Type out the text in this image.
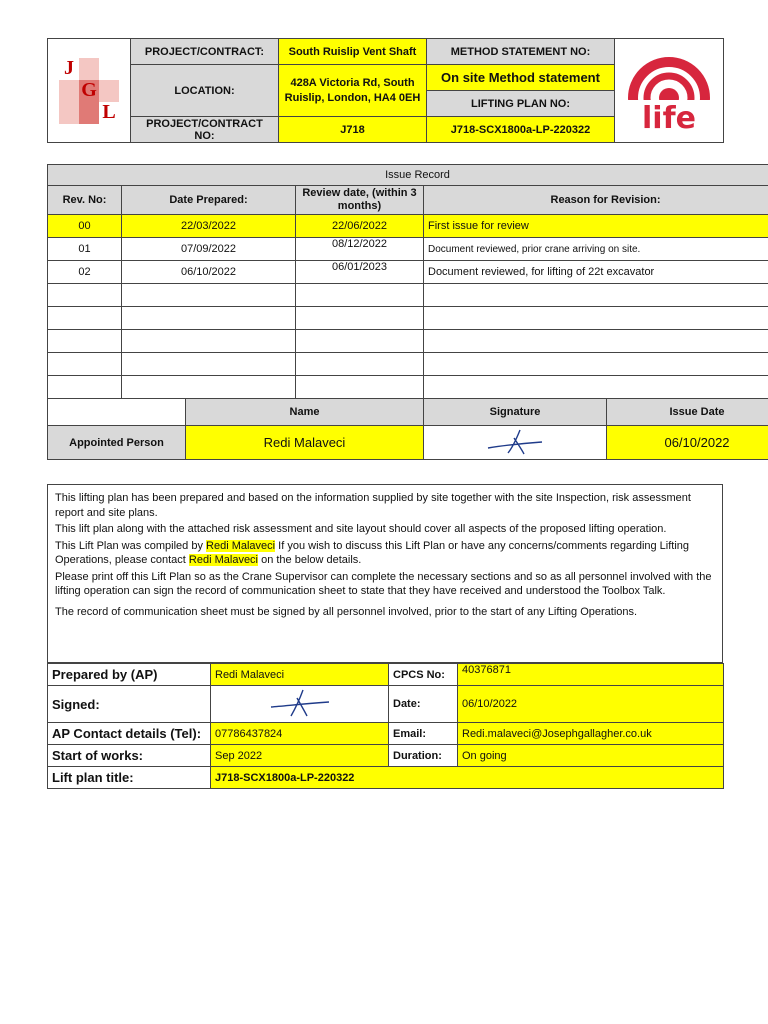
J
G
L	PROJECT/CONTRACT:	South Ruislip Vent Shaft	METHOD STATEMENT NO:	life

	LOCATION:	428A Victoria Rd, South Ruislip, London, HA4 0EH	On site Method statement	
			LIFTING PLAN NO:	
	PROJECT/CONTRACT NO:	J718	J718-SCX1800a-LP-220322	
Issue Record					
Rev. No:	Date Prepared:		Review date, (within 3 months)	Reason for Revision:	
00	22/03/2022		22/06/2022	First issue for review	
01	07/09/2022		08/12/2022	Document reviewed, prior crane arriving on site.	
02	06/10/2022		06/01/2023	Document reviewed, for lifting of 22t excavator	

		Name		Signature	Issue Date
Appointed Person		Redi Malaveci			06/10/2022

This lifting plan has been prepared and based on the information supplied by site together with the site Inspection, risk assessment report and site plans.

This lift plan along with the attached risk assessment and site layout should cover all aspects of the proposed lifting operation.

This Lift Plan was compiled by Redi Malaveci If you wish to discuss this Lift Plan or have any concerns/comments regarding Lifting Operations, please contact Redi Malaveci on the below details.

Please print off this Lift Plan so as the Crane Supervisor can complete the necessary sections and so as all personnel involved with the lifting operation can sign the record of communication sheet to state that they have received and understood the Toolbox Talk.

The record of communication sheet must be signed by all personnel involved, prior to the start of any Lifting Operations.

Prepared by (AP)	Redi Malaveci	CPCS No:	40376871
Signed:		Date:	06/10/2022
AP Contact details (Tel):	07786437824	Email:	Redi.malaveci@Josephgallagher.co.uk
Start of works:	Sep 2022	Duration:	On going
Lift plan title:	J718-SCX1800a-LP-220322		
